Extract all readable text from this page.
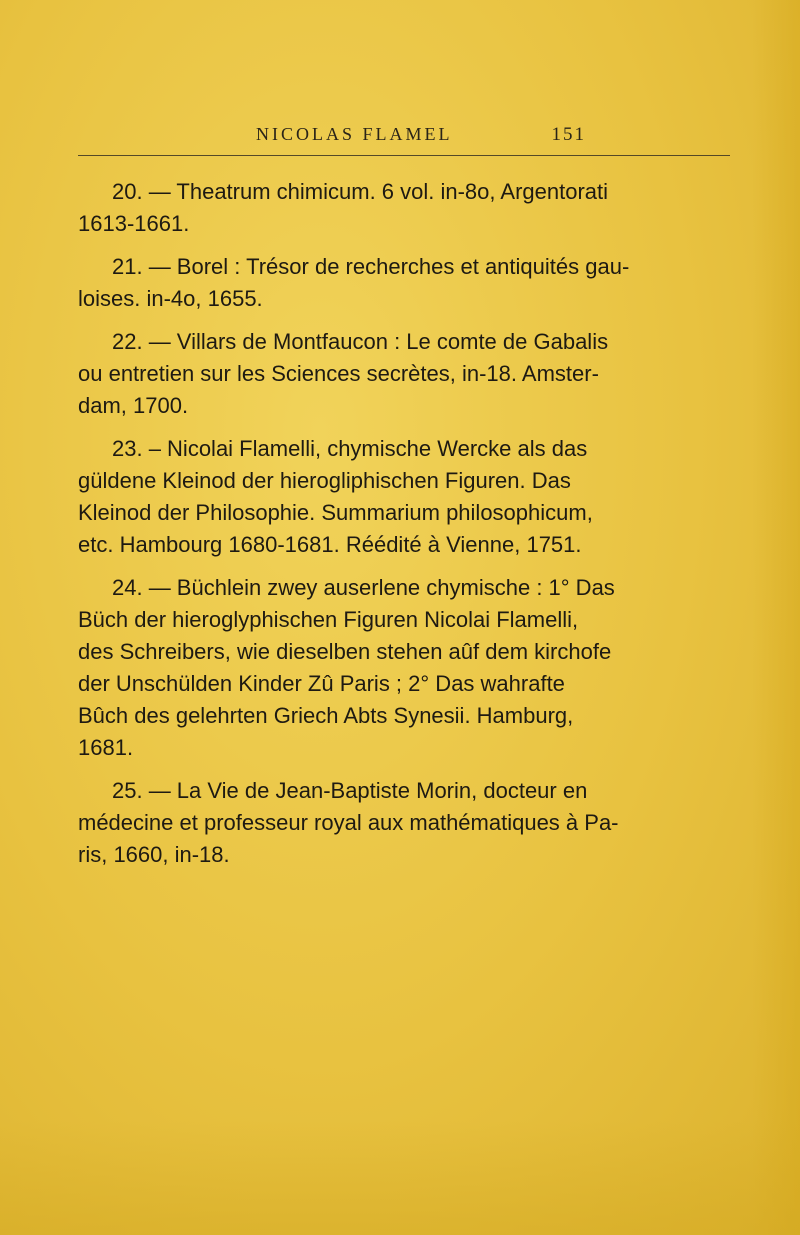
NICOLAS FLAMEL	151

20. — Theatrum chimicum. 6 vol. in-8o, Argentorati
1613-1661.

21. — Borel : Trésor de recherches et antiquités gau-
loises. in-4o, 1655.

22. — Villars de Montfaucon : Le comte de Gabalis
ou entretien sur les Sciences secrètes, in-18. Amster-
dam, 1700.

23. – Nicolai Flamelli, chymische Wercke als das
güldene Kleinod der hierogliphischen Figuren. Das
Kleinod der Philosophie. Summarium philosophicum,
etc. Hambourg 1680-1681. Réédité à Vienne, 1751.

24. — Büchlein zwey auserlene chymische : 1° Das
Büch der hieroglyphischen Figuren Nicolai Flamelli,
des Schreibers, wie dieselben stehen aûf dem kirchofe
der Unschülden Kinder Zû Paris ; 2° Das wahrafte
Bûch des gelehrten Griech Abts Synesii. Hamburg,
1681.

25. — La Vie de Jean-Baptiste Morin, docteur en
médecine et professeur royal aux mathématiques à Pa-
ris, 1660, in-18.
